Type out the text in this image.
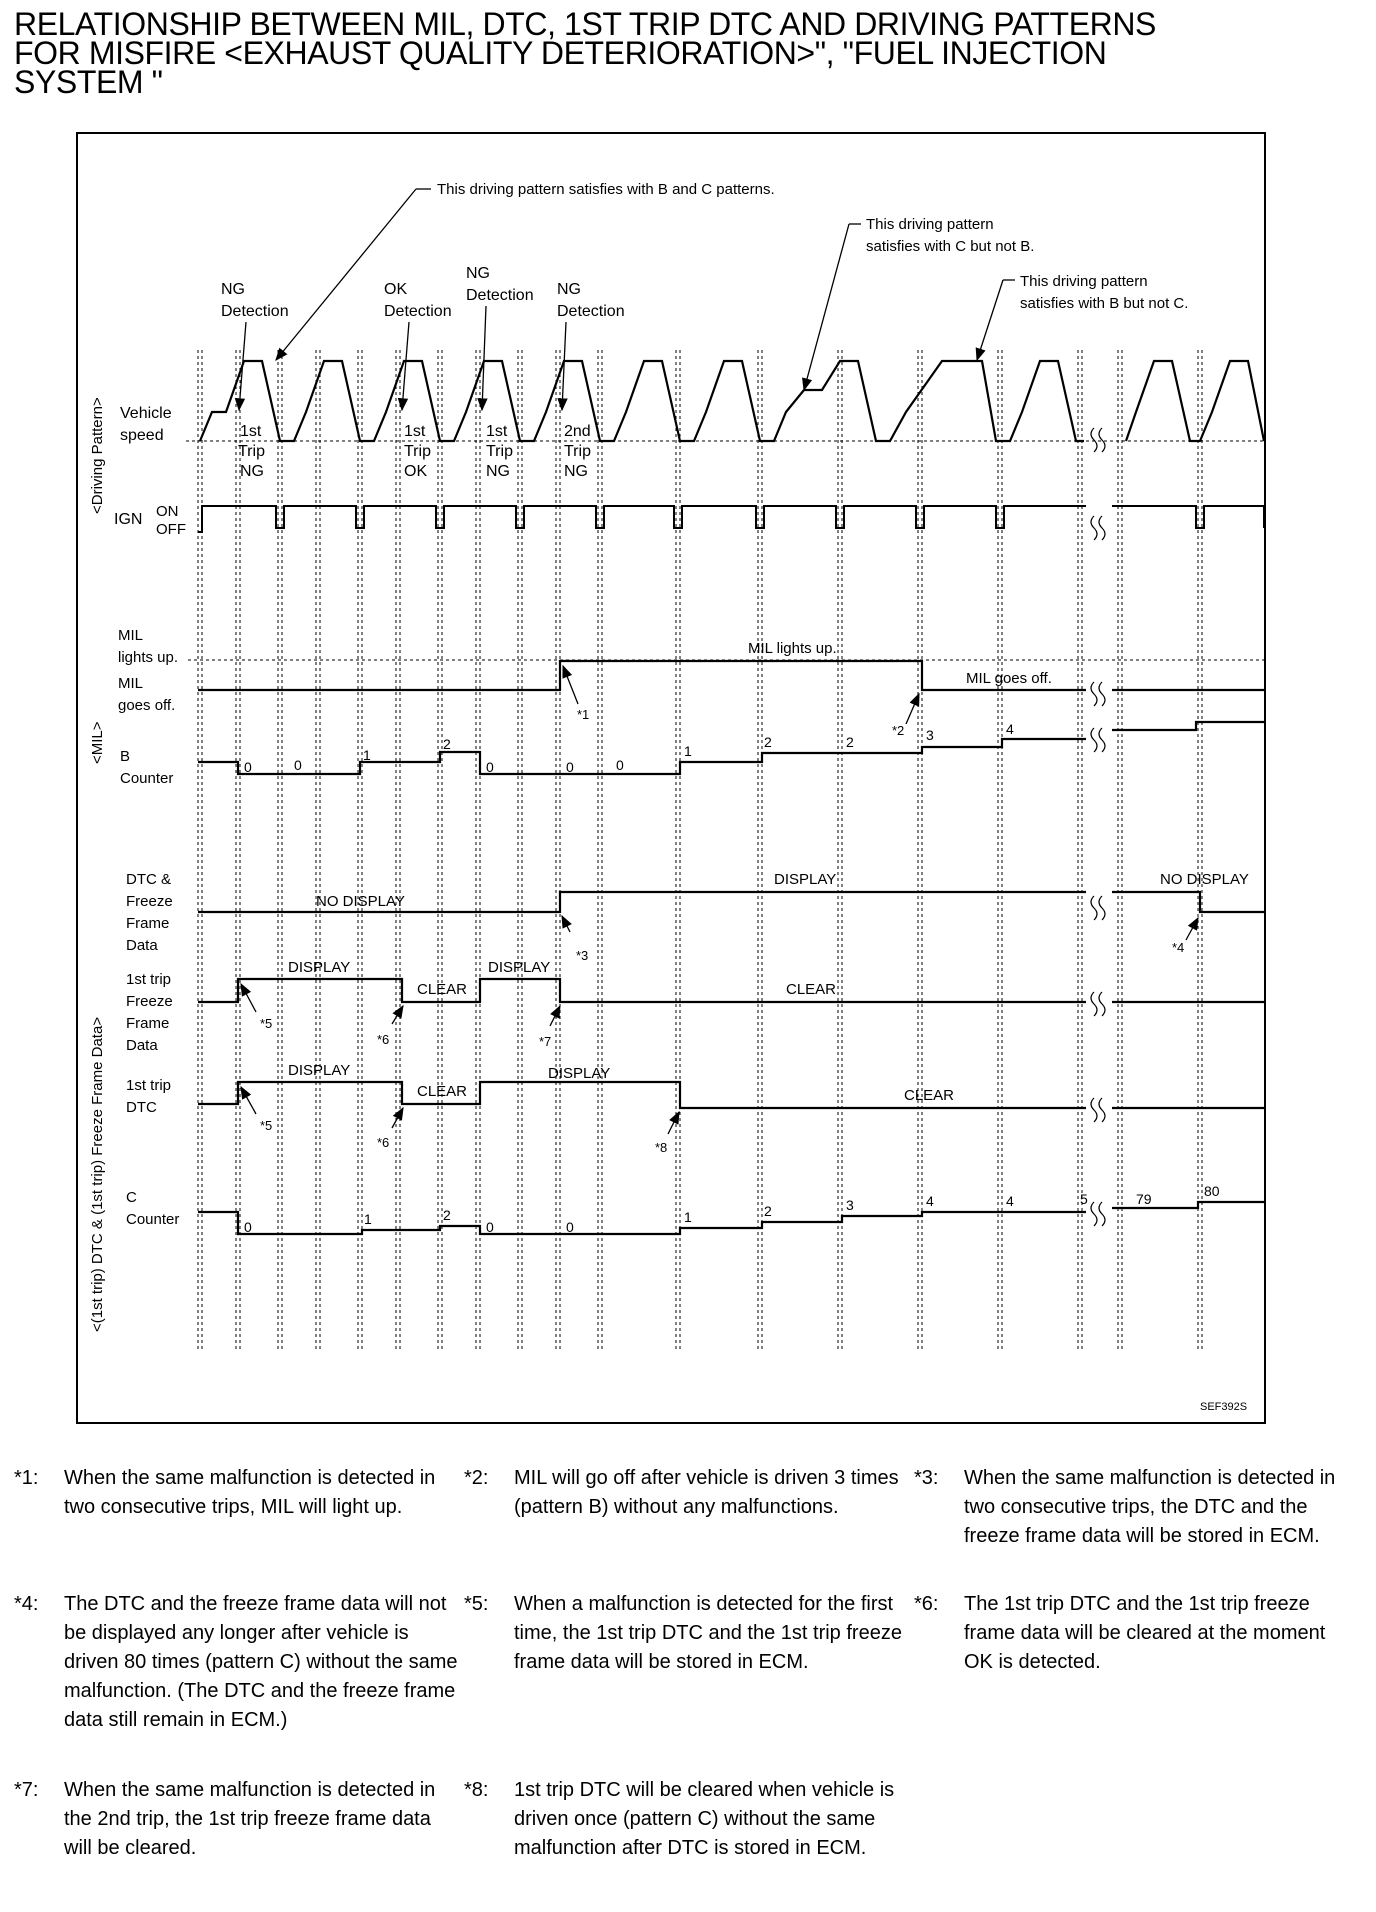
RELATIONSHIP BETWEEN MIL, DTC, 1ST TRIP DTC AND DRIVING PATTERNS
FOR MISFIRE <EXHAUST QUALITY DETERIORATION>", "FUEL INJECTION
SYSTEM "
This driving pattern satisfies with B and C patterns.
This driving pattern
satisfies with C but not B.
This driving pattern
satisfies with B but not C.
NG
Detection
OK
Detection
NG
Detection NG
Detection
<Driving Pattern>
<MIL>
<(1st trip) DTC & (1st trip) Freeze Frame Data>
Vehicle
speed	1st
Trip
NG
1st
Trip
OK
1st
Trip
NG
2nd
Trip
NG
IGN ON
OFF
MIL
lights up.
MIL
goes off.
MIL lights up.
MIL goes off.
*1
*2
B
Counter
0	0
1
2
0	0	0
1
2	2	3	4
DTC &
Freeze
Frame
Data
NO DISPLAY
DISPLAY	NO DISPLAY
*3
*4
1st trip
Freeze
Frame
Data
DISPLAY
CLEAR
DISPLAY
CLEAR
*5
*6	*7
1st trip
DTC
DISPLAY
CLEAR
DISPLAY
CLEAR
*5
*6	*8
C
Counter	0	1	2
0	0
1	2	3	4	4	5	79	80
SEF392S
*1: When the same malfunction is detected in two consecutive trips, MIL will light up.
*2: MIL will go off after vehicle is driven 3 times (pattern B) without any malfunctions.
*3: When the same malfunction is detected in two consecutive trips, the DTC and the freeze frame data will be stored in ECM.
*4: The DTC and the freeze frame data will not be displayed any longer after vehicle is driven 80 times (pattern C) without the same malfunction. (The DTC and the freeze frame data still remain in ECM.)
*5: When a malfunction is detected for the first time, the 1st trip DTC and the 1st trip freeze frame data will be stored in ECM.
*6: The 1st trip DTC and the 1st trip freeze frame data will be cleared at the moment OK is detected.
*7: When the same malfunction is detected in the 2nd trip, the 1st trip freeze frame data will be cleared.
*8: 1st trip DTC will be cleared when vehicle is driven once (pattern C) without the same malfunction after DTC is stored in ECM.
